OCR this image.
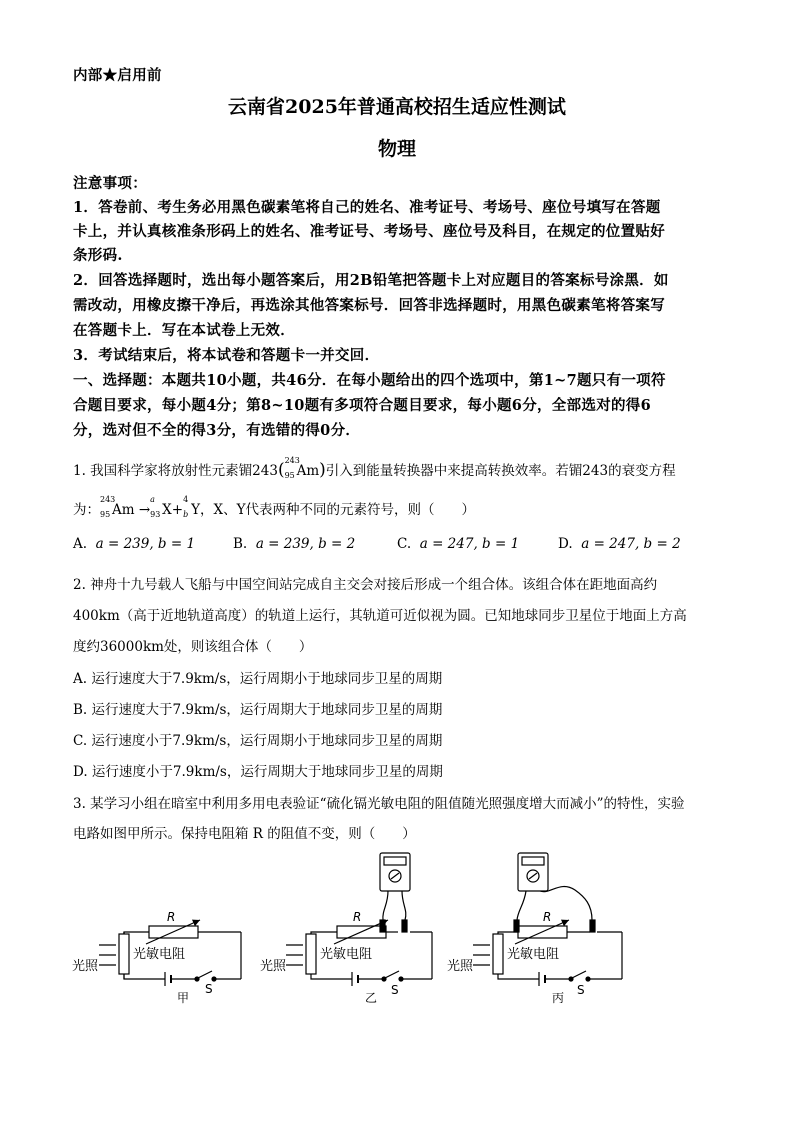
内部★启用前
云南省2025年普通高校招生适应性测试
物理
注意事项：
1．答卷前、考生务必用黑色碳素笔将自己的姓名、准考证号、考场号、座位号填写在答题
卡上，并认真核准条形码上的姓名、准考证号、考场号、座位号及科目，在规定的位置贴好
条形码.
2．回答选择题时，选出每小题答案后，用2B铅笔把答题卡上对应题目的答案标号涂黑．如
需改动，用橡皮擦干净后，再选涂其他答案标号．回答非选择题时，用黑色碳素笔将答案写
在答题卡上．写在本试卷上无效．
3．考试结束后，将本试卷和答题卡一并交回．
一、选择题：本题共10小题，共46分．在每小题给出的四个选项中，第1~7题只有一项符
合题目要求，每小题4分；第8~10题有多项符合题目要求，每小题6分，全部选对的得6
分，选对但不全的得3分，有选错的得0分．
1. 我国科学家将放射性元素镅243( 243
95 Am)引入到能量转换器中来提高转换效率。若镅243的衰变方程
为：
243
95 Am →
a
93 X+
4
b Y，X、Y代表两种不同的元素符号，则（　　）
A. a = 239, b = 1	B. a = 239, b = 2	C. a = 247, b = 1	D. a = 247, b = 2
2. 神舟十九号载人飞船与中国空间站完成自主交会对接后形成一个组合体。该组合体在距地面高约
400km（高于近地轨道高度）的轨道上运行，其轨道可近似视为圆。已知地球同步卫星位于地面上方高
度约36000km处，则该组合体（　　）
A. 运行速度大于7.9km/s，运行周期小于地球同步卫星的周期
B. 运行速度大于7.9km/s，运行周期大于地球同步卫星的周期
C. 运行速度小于7.9km/s，运行周期小于地球同步卫星的周期
D. 运行速度小于7.9km/s，运行周期大于地球同步卫星的周期
3. 某学习小组在暗室中利用多用电表验证“硫化镉光敏电阻的阻值随光照强度增大而减小”的特性，实验
电路如图甲所示。保持电阻箱 R 的阻值不变，则（　　）
R
光照
光敏电阻
S
甲
R
光照
光敏电阻
S
乙
R
光照
光敏电阻
S
丙
